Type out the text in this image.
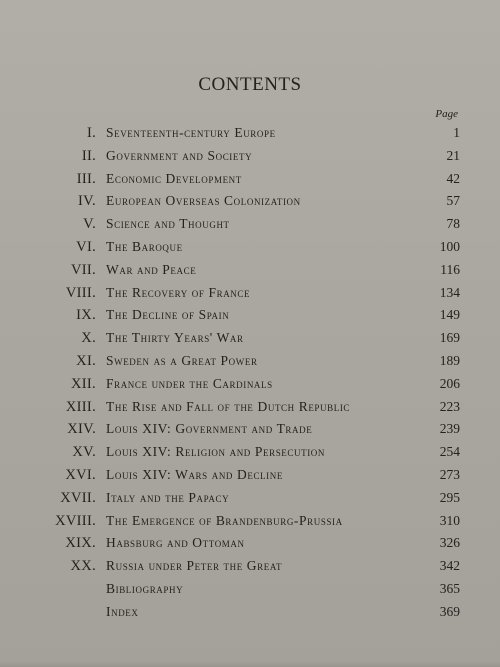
CONTENTS
Page
I. Seventeenth-century Europe	1
II. Government and Society	21
III. Economic Development	42
IV. European Overseas Colonization	57
V. Science and Thought	78
VI. The Baroque	100
VII. War and Peace	116
VIII. The Recovery of France	134
IX. The Decline of Spain	149
X. The Thirty Years' War	169
XI. Sweden as a Great Power	189
XII. France under the Cardinals	206
XIII. The Rise and Fall of the Dutch Republic	223
XIV. Louis XIV: Government and Trade	239
XV. Louis XIV: Religion and Persecution	254
XVI. Louis XIV: Wars and Decline	273
XVII. Italy and the Papacy	295
XVIII. The Emergence of Brandenburg-Prussia	310
XIX. Habsburg and Ottoman	326
XX. Russia under Peter the Great	342
Bibliography	365
Index	369
